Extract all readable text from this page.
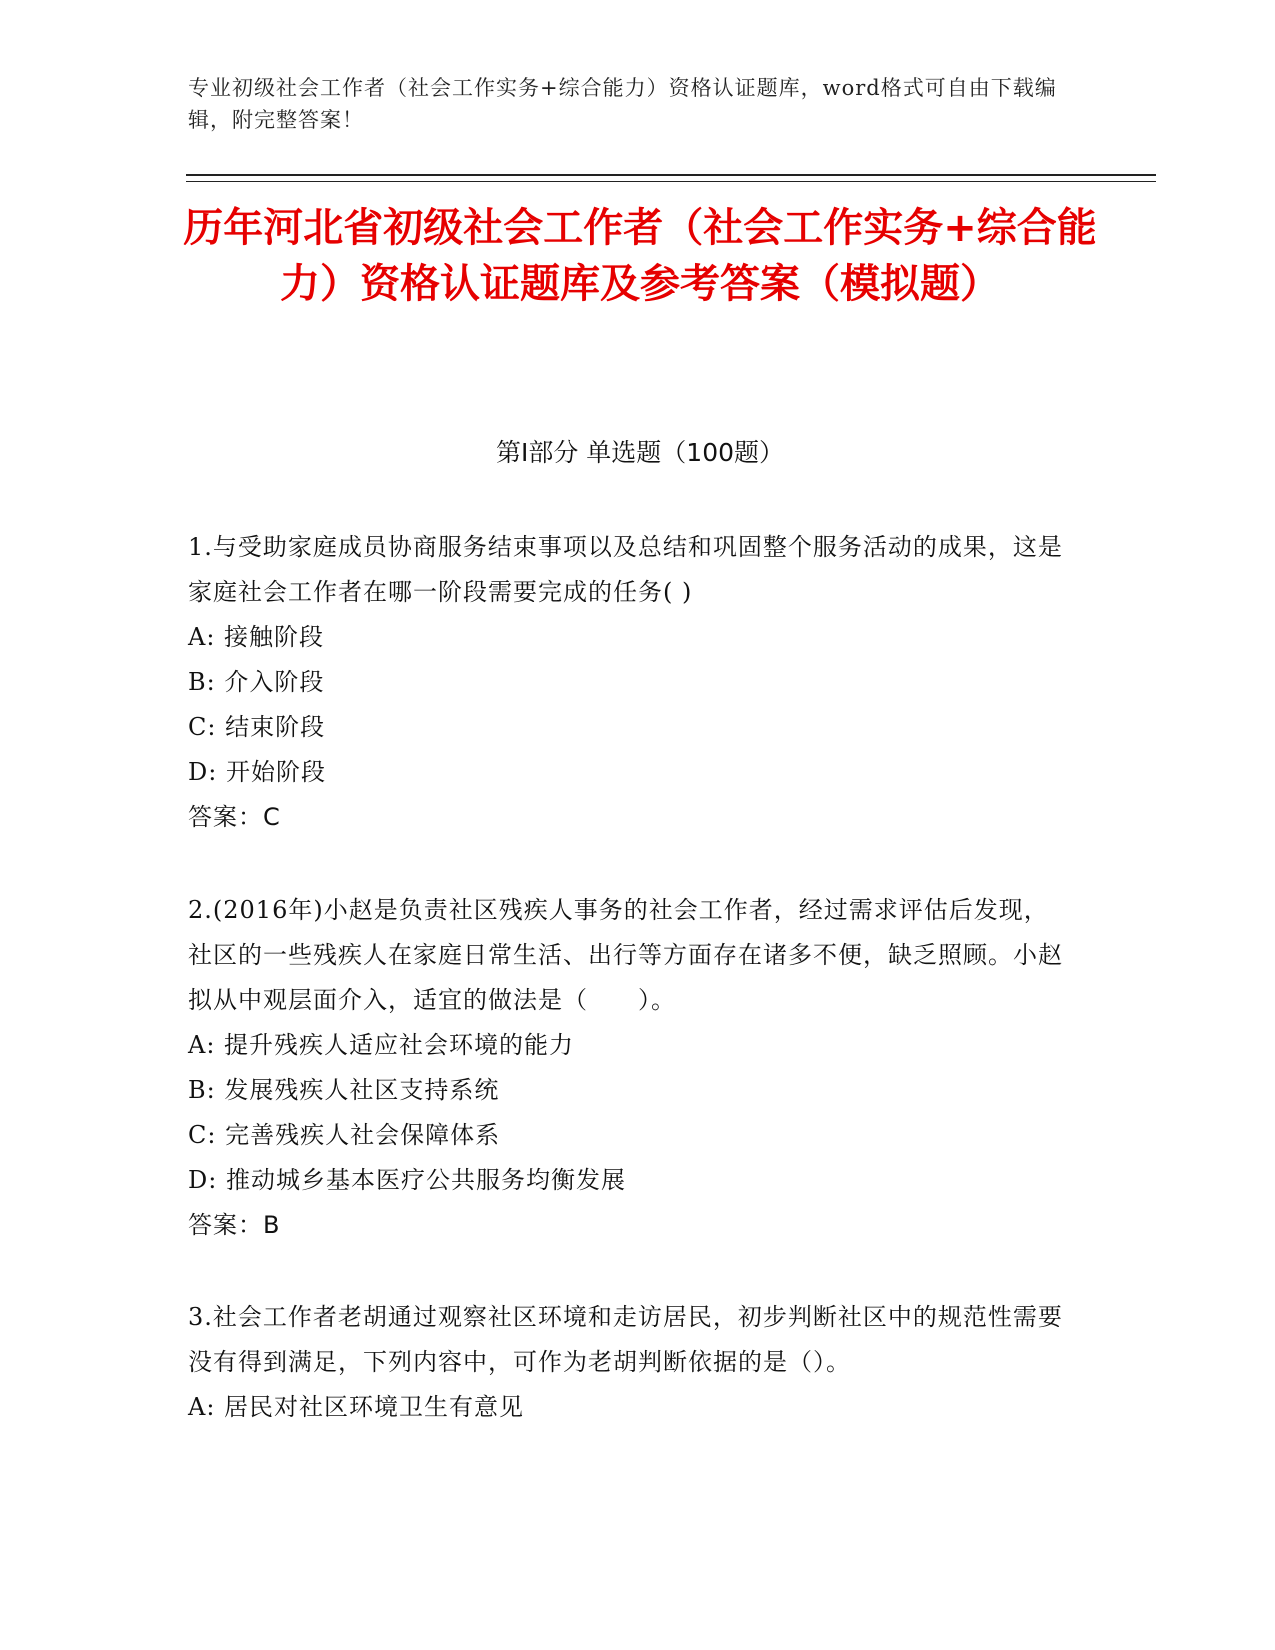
专业初级社会工作者（社会工作实务+综合能力）资格认证题库，word格式可自由下载编辑，附完整答案！
历年河北省初级社会工作者（社会工作实务+综合能力）资格认证题库及参考答案（模拟题）
第Ⅰ部分 单选题（100题）
1.与受助家庭成员协商服务结束事项以及总结和巩固整个服务活动的成果，这是家庭社会工作者在哪一阶段需要完成的任务( )
A: 接触阶段
B: 介入阶段
C: 结束阶段
D: 开始阶段
答案：C
2.(2016年)小赵是负责社区残疾人事务的社会工作者，经过需求评估后发现，社区的一些残疾人在家庭日常生活、出行等方面存在诸多不便，缺乏照顾。小赵拟从中观层面介入，适宜的做法是（　　）。
A: 提升残疾人适应社会环境的能力
B: 发展残疾人社区支持系统
C: 完善残疾人社会保障体系
D: 推动城乡基本医疗公共服务均衡发展
答案：B
3.社会工作者老胡通过观察社区环境和走访居民，初步判断社区中的规范性需要没有得到满足，下列内容中，可作为老胡判断依据的是（）。
A: 居民对社区环境卫生有意见
